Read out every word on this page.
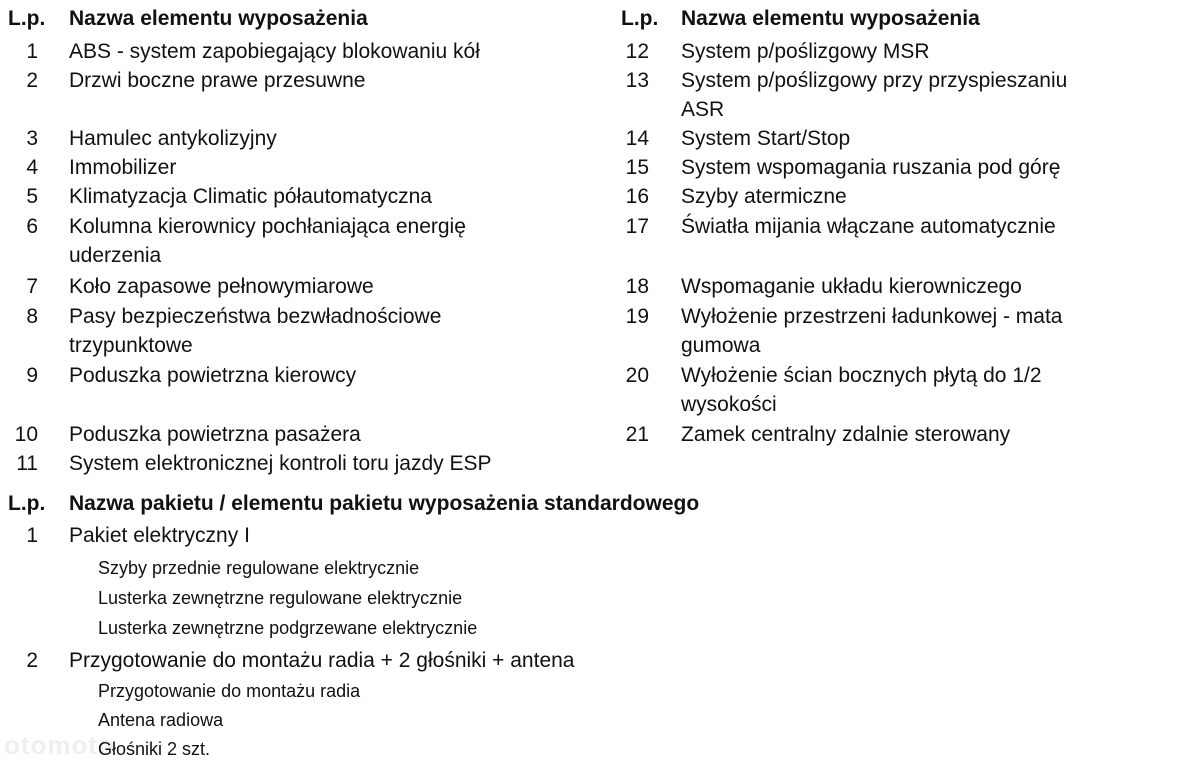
L.p. Nazwa elementu wyposażenia	L.p. Nazwa elementu wyposażenia
1 ABS - system zapobiegający blokowaniu kół
2 Drzwi boczne prawe przesuwne
3 Hamulec antykolizyjny
4 Immobilizer
5 Klimatyzacja Climatic półautomatyczna
6 Kolumna kierownicy pochłaniająca energię
uderzenia
7 Koło zapasowe pełnowymiarowe
8 Pasy bezpieczeństwa bezwładnościowe
trzypunktowe
9 Poduszka powietrzna kierowcy
10 Poduszka powietrzna pasażera
11 System elektronicznej kontroli toru jazdy ESP
12 System p/poślizgowy MSR
13 System p/poślizgowy przy przyspieszaniu
ASR
14 System Start/Stop
15 System wspomagania ruszania pod górę
16 Szyby atermiczne
17 Światła mijania włączane automatycznie
18 Wspomaganie układu kierowniczego
19 Wyłożenie przestrzeni ładunkowej - mata
gumowa
20 Wyłożenie ścian bocznych płytą do 1/2
wysokości
21 Zamek centralny zdalnie sterowany
L.p. Nazwa pakietu / elementu pakietu wyposażenia standardowego
1 Pakiet elektryczny I
Szyby przednie regulowane elektrycznie
Lusterka zewnętrzne regulowane elektrycznie
Lusterka zewnętrzne podgrzewane elektrycznie
2 Przygotowanie do montażu radia + 2 głośniki + antena
Przygotowanie do montażu radia
Antena radiowa
Głośniki 2 szt.
otomoto
